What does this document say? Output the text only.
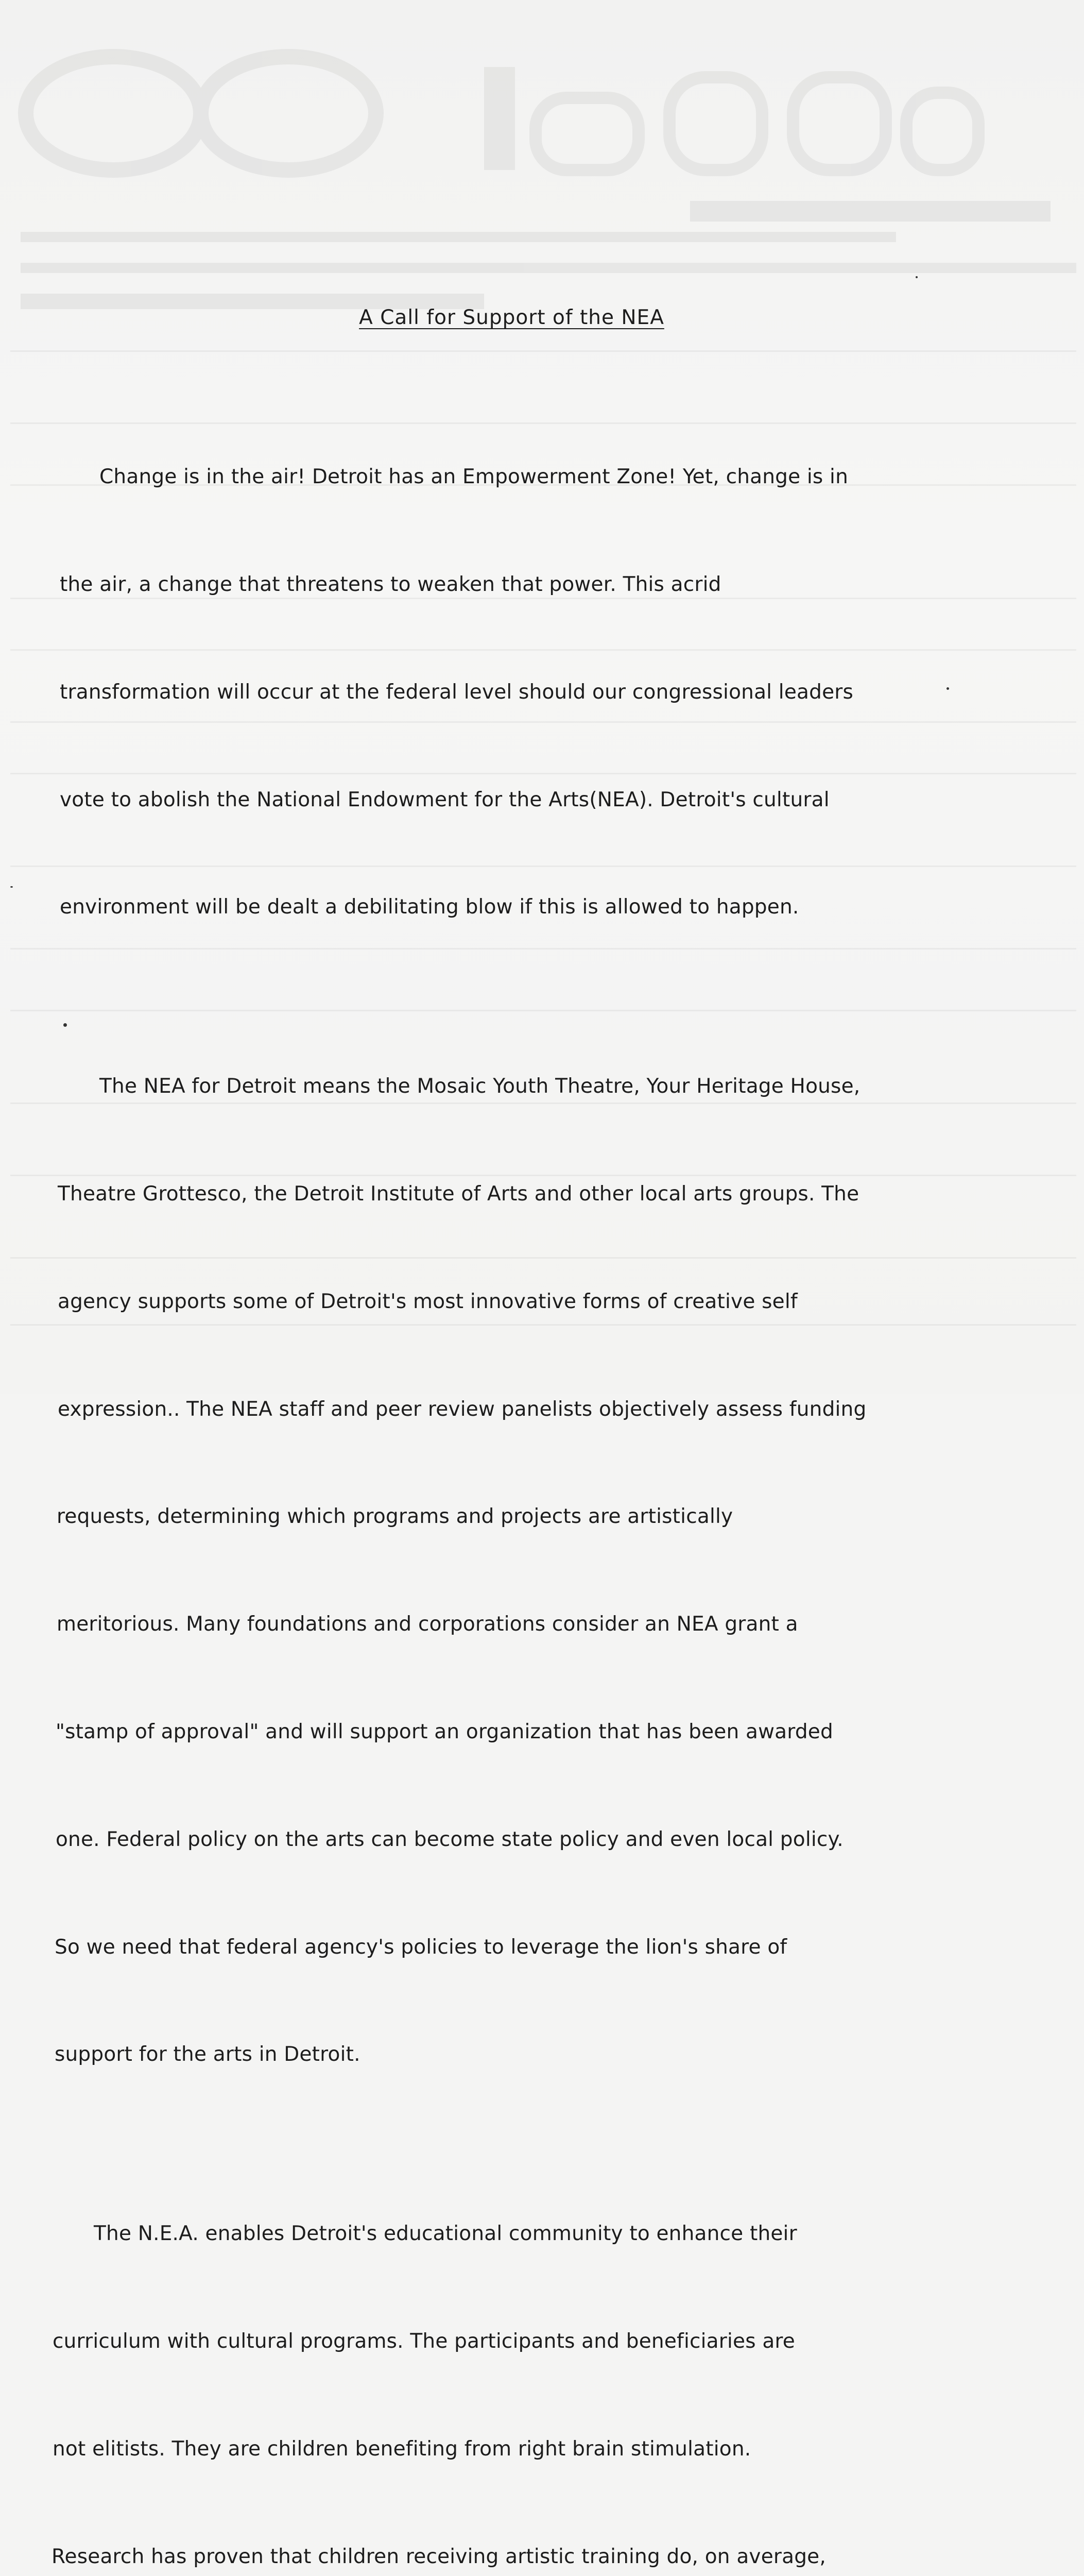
A Call for Support of the NEA

Change is in the air! Detroit has an Empowerment Zone! Yet, change is in

the air, a change that threatens to weaken that power. This acrid

transformation will occur at the federal level should our congressional leaders

vote to abolish the National Endowment for the Arts(NEA). Detroit's cultural

environment will be dealt a debilitating blow if this is allowed to happen.

The NEA for Detroit means the Mosaic Youth Theatre, Your Heritage House,

Theatre Grottesco, the Detroit Institute of Arts and other local arts groups. The

agency supports some of Detroit's most innovative forms of creative self

expression.. The NEA staff and peer review panelists objectively assess funding

requests, determining which programs and projects are artistically

meritorious. Many foundations and corporations consider an NEA grant a

"stamp of approval" and will support an organization that has been awarded

one. Federal policy on the arts can become state policy and even local policy.

So we need that federal agency's policies to leverage the lion's share of

support for the arts in Detroit.

The N.E.A. enables Detroit's educational community to enhance their

curriculum with cultural programs. The participants and beneficiaries are

not elitists. They are children benefiting from right brain stimulation.

Research has proven that children receiving artistic training do, on average,
